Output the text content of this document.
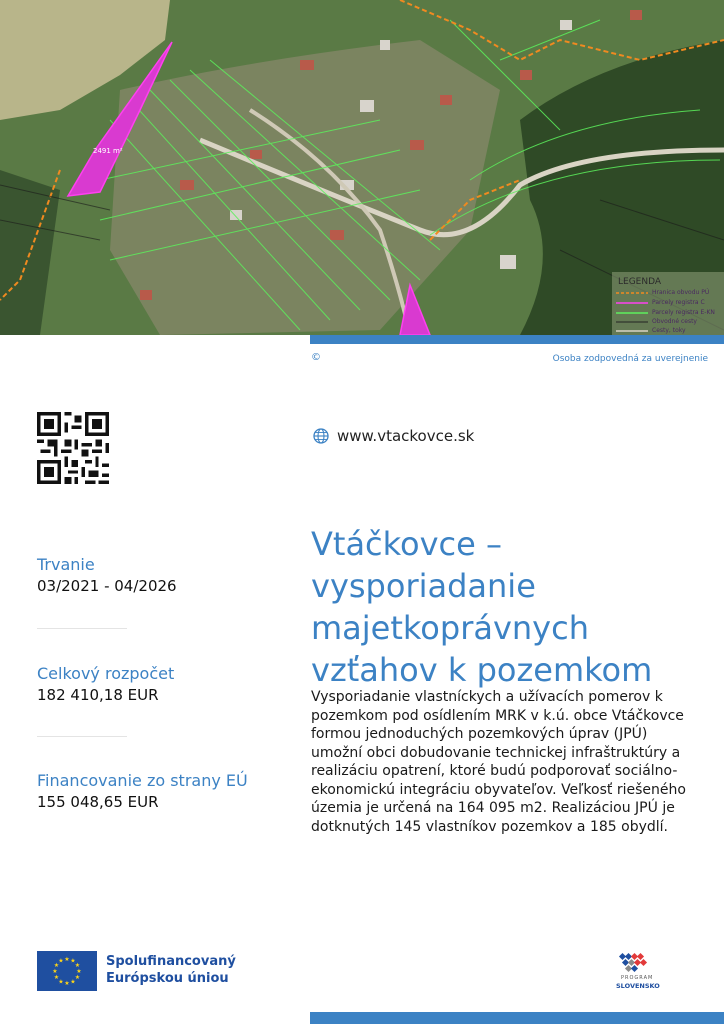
2491 m²
LEGENDA
Hranica obvodu PÚ
Parcely registra C
Parcely registra E-KN
Obvodné cesty
Cesty, toky
©	Osoba zodpovedná za uverejnenie
www.vtackovce.sk
Trvanie
03/2021 - 04/2026
Celkový rozpočet
182 410,18 EUR
Financovanie zo strany EÚ
155 048,65 EUR
Vtáčkovce – vysporiadanie majetkoprávnych vzťahov k pozemkom
Vysporiadanie vlastníckych a užívacích pomerov k pozemkom pod osídlením MRK v k.ú. obce Vtáčkovce formou jednoduchých pozemkových úprav (JPÚ) umožní obci dobudovanie technickej infraštruktúry a realizáciu opatrení, ktoré budú podporovať sociálno-ekonomickú integráciu obyvateľov. Veľkosť riešeného územia je určená na 164 095 m2. Realizáciou JPÚ je dotknutých 145 vlastníkov pozemkov a 185 obydlí.
★ ★
★
★
★
★
★
★
★
★
★
★	Spolufinancovaný
Európskou úniou	PROGRAM
SLOVENSKO
